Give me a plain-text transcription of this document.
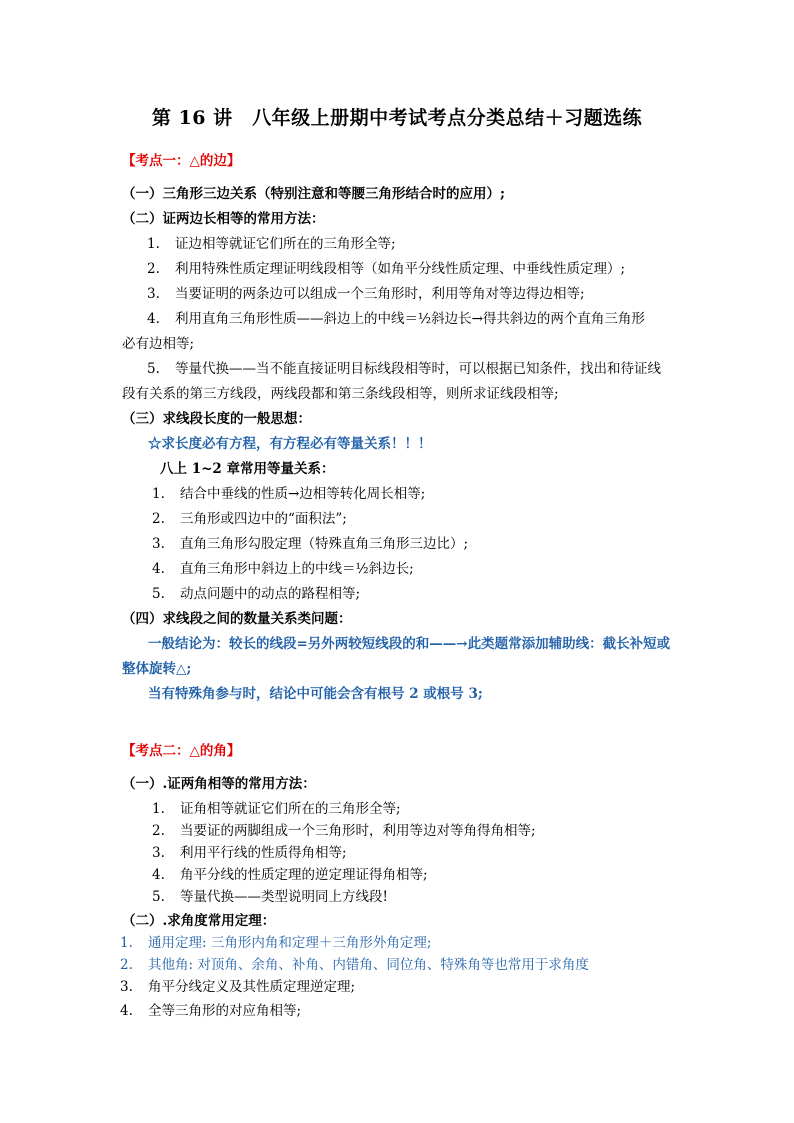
第 16 讲　八年级上册期中考试考点分类总结＋习题选练
【考点一：△的边】
（一）三角形三边关系（特别注意和等腰三角形结合时的应用）;
（二）证两边长相等的常用方法：
1. 证边相等就证它们所在的三角形全等;
2. 利用特殊性质定理证明线段相等（如角平分线性质定理、中垂线性质定理）;
3. 当要证明的两条边可以组成一个三角形时，利用等角对等边得边相等;
4. 利用直角三角形性质——斜边上的中线＝½斜边长→得共斜边的两个直角三角形
必有边相等;
5. 等量代换——当不能直接证明目标线段相等时，可以根据已知条件，找出和待证线
段有关系的第三方线段，两线段都和第三条线段相等，则所求证线段相等;
（三）求线段长度的一般思想：
☆求长度必有方程，有方程必有等量关系！！！
八上 1~2 章常用等量关系：
1. 结合中垂线的性质→边相等转化周长相等;
2. 三角形或四边中的“面积法”;
3. 直角三角形勾股定理（特殊直角三角形三边比）;
4. 直角三角形中斜边上的中线＝½斜边长;
5. 动点问题中的动点的路程相等;
（四）求线段之间的数量关系类问题：
一般结论为：较长的线段=另外两较短线段的和——→此类题常添加辅助线：截长补短或
整体旋转△;
当有特殊角参与时，结论中可能会含有根号 2 或根号 3;
【考点二：△的角】
（一）.证两角相等的常用方法：
1. 证角相等就证它们所在的三角形全等;
2. 当要证的两脚组成一个三角形时，利用等边对等角得角相等;
3. 利用平行线的性质得角相等;
4. 角平分线的性质定理的逆定理证得角相等;
5. 等量代换——类型说明同上方线段!
（二）.求角度常用定理：
1. 通用定理: 三角形内角和定理＋三角形外角定理;
2. 其他角: 对顶角、余角、补角、内错角、同位角、特殊角等也常用于求角度
3. 角平分线定义及其性质定理逆定理;
4. 全等三角形的对应角相等;
